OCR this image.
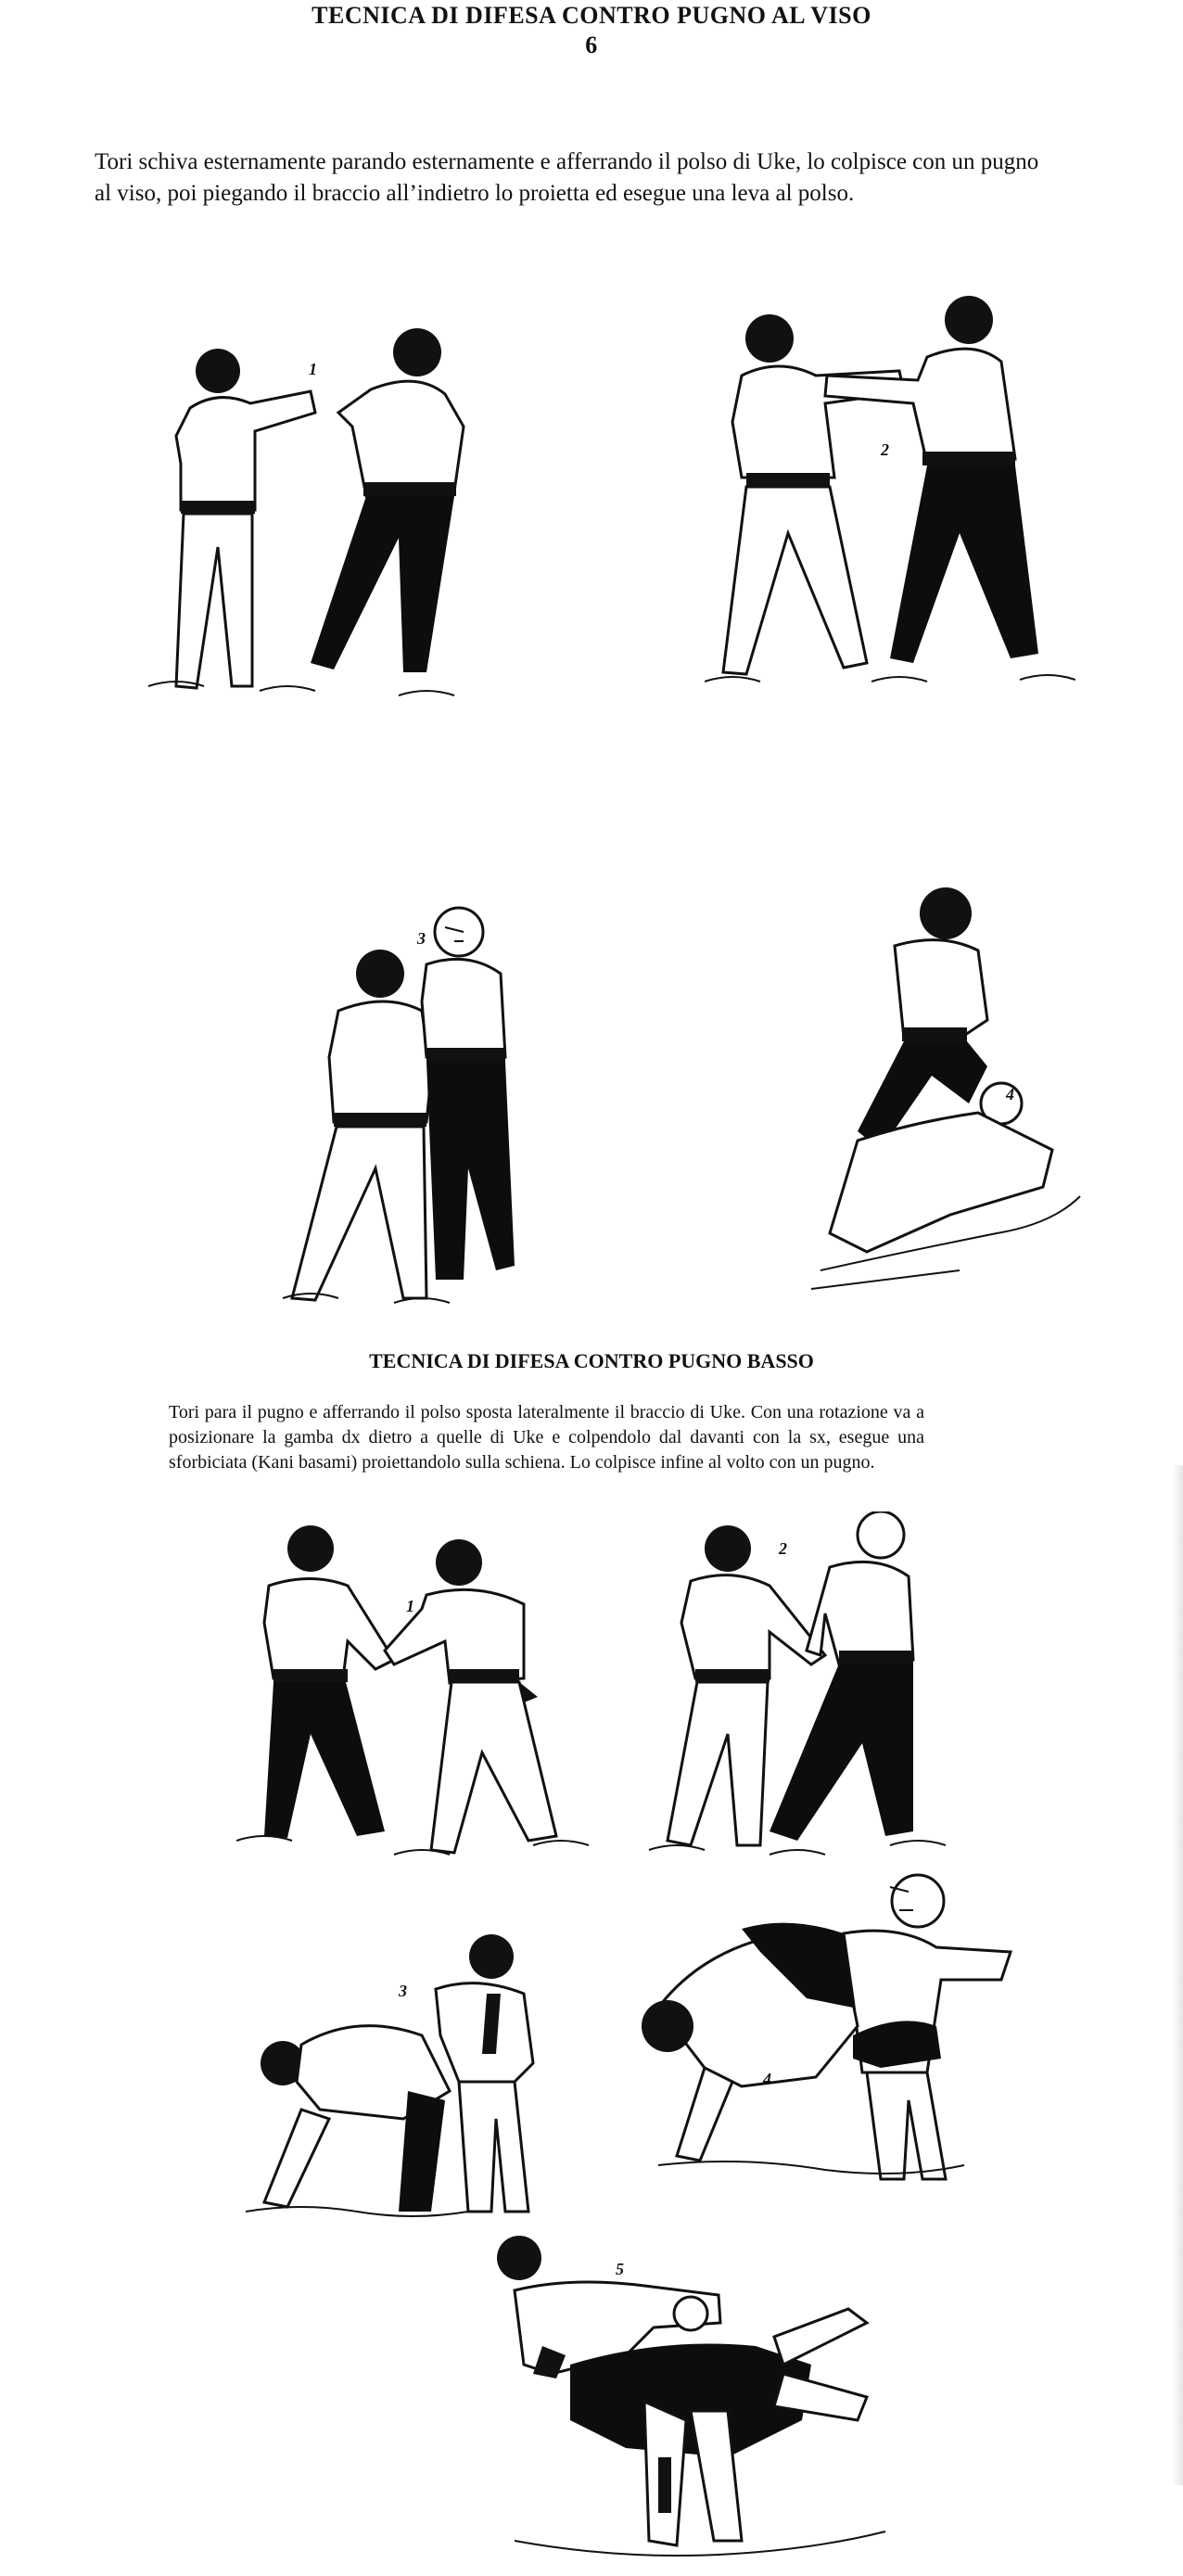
TECNICA DI DIFESA CONTRO PUGNO AL VISO
6
Tori schiva esternamente parando esternamente e afferrando il polso di Uke, lo colpisce con un pugno al viso, poi piegando il braccio all’indietro lo proietta ed esegue una leva al polso.
1
2
3
4
TECNICA DI DIFESA CONTRO PUGNO BASSO
Tori para il pugno e afferrando il polso sposta lateralmente il braccio di Uke. Con una rotazione va a posizionare la gamba dx dietro a quelle di Uke e colpendolo dal davanti con la sx, esegue una sforbiciata (Kani basami) proiettandolo sulla schiena. Lo colpisce infine al volto con un pugno.
1
2
3
4
5
